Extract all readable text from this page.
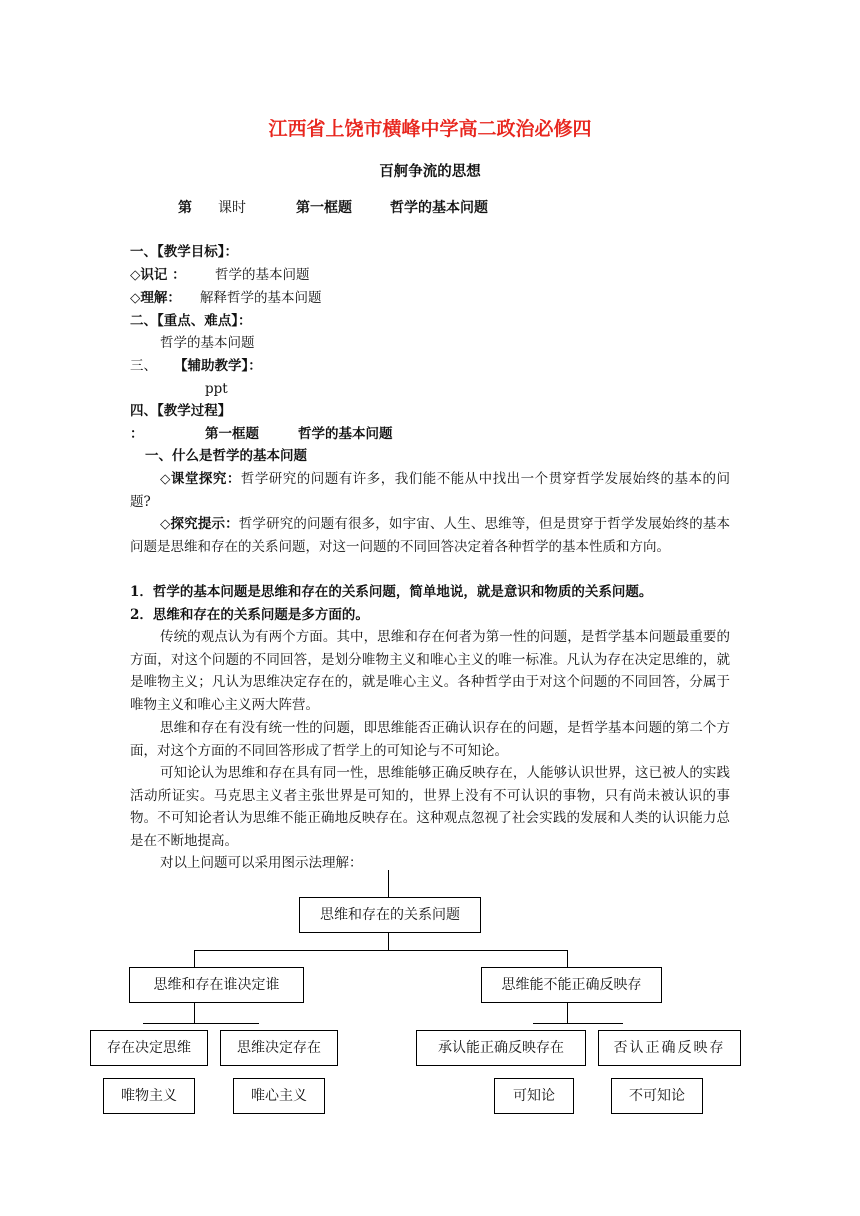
江西省上饶市横峰中学高二政治必修四
百舸争流的思想
第 课时	第一框题	哲学的基本问题
一、【教学目标】：
◇识记 ： 哲学的基本问题
◇理解： 解释哲学的基本问题
二、【重点、难点】：
哲学的基本问题
三、 【辅助教学】：
ppt
四、【教学过程】
：	第一框题	哲学的基本问题
一、什么是哲学的基本问题
◇课堂探究：哲学研究的问题有许多，我们能不能从中找出一个贯穿哲学发展始终的基本的问题?
◇探究提示：哲学研究的问题有很多，如宇宙、人生、思维等，但是贯穿于哲学发展始终的基本问题是思维和存在的关系问题，对这一问题的不同回答决定着各种哲学的基本性质和方向。
1．哲学的基本问题是思维和存在的关系问题，简单地说，就是意识和物质的关系问题。
2．思维和存在的关系问题是多方面的。
传统的观点认为有两个方面。其中，思维和存在何者为第一性的问题，是哲学基本问题最重要的方面，对这个问题的不同回答，是划分唯物主义和唯心主义的唯一标准。凡认为存在决定思维的，就是唯物主义；凡认为思维决定存在的，就是唯心主义。各种哲学由于对这个问题的不同回答，分属于唯物主义和唯心主义两大阵营。
思维和存在有没有统一性的问题，即思维能否正确认识存在的问题，是哲学基本问题的第二个方面，对这个方面的不同回答形成了哲学上的可知论与不可知论。
可知论认为思维和存在具有同一性，思维能够正确反映存在，人能够认识世界，这已被人的实践活动所证实。马克思主义者主张世界是可知的，世界上没有不可认识的事物，只有尚未被认识的事物。不可知论者认为思维不能正确地反映存在。这种观点忽视了社会实践的发展和人类的认识能力总是在不断地提高。
对以上问题可以采用图示法理解：
思维和存在的关系问题
思维和存在谁决定谁	思维能不能正确反映存
存在决定思维	思维决定存在	承认能正确反映存在	否认正确反映存
唯物主义	唯心主义	可知论	不可知论
